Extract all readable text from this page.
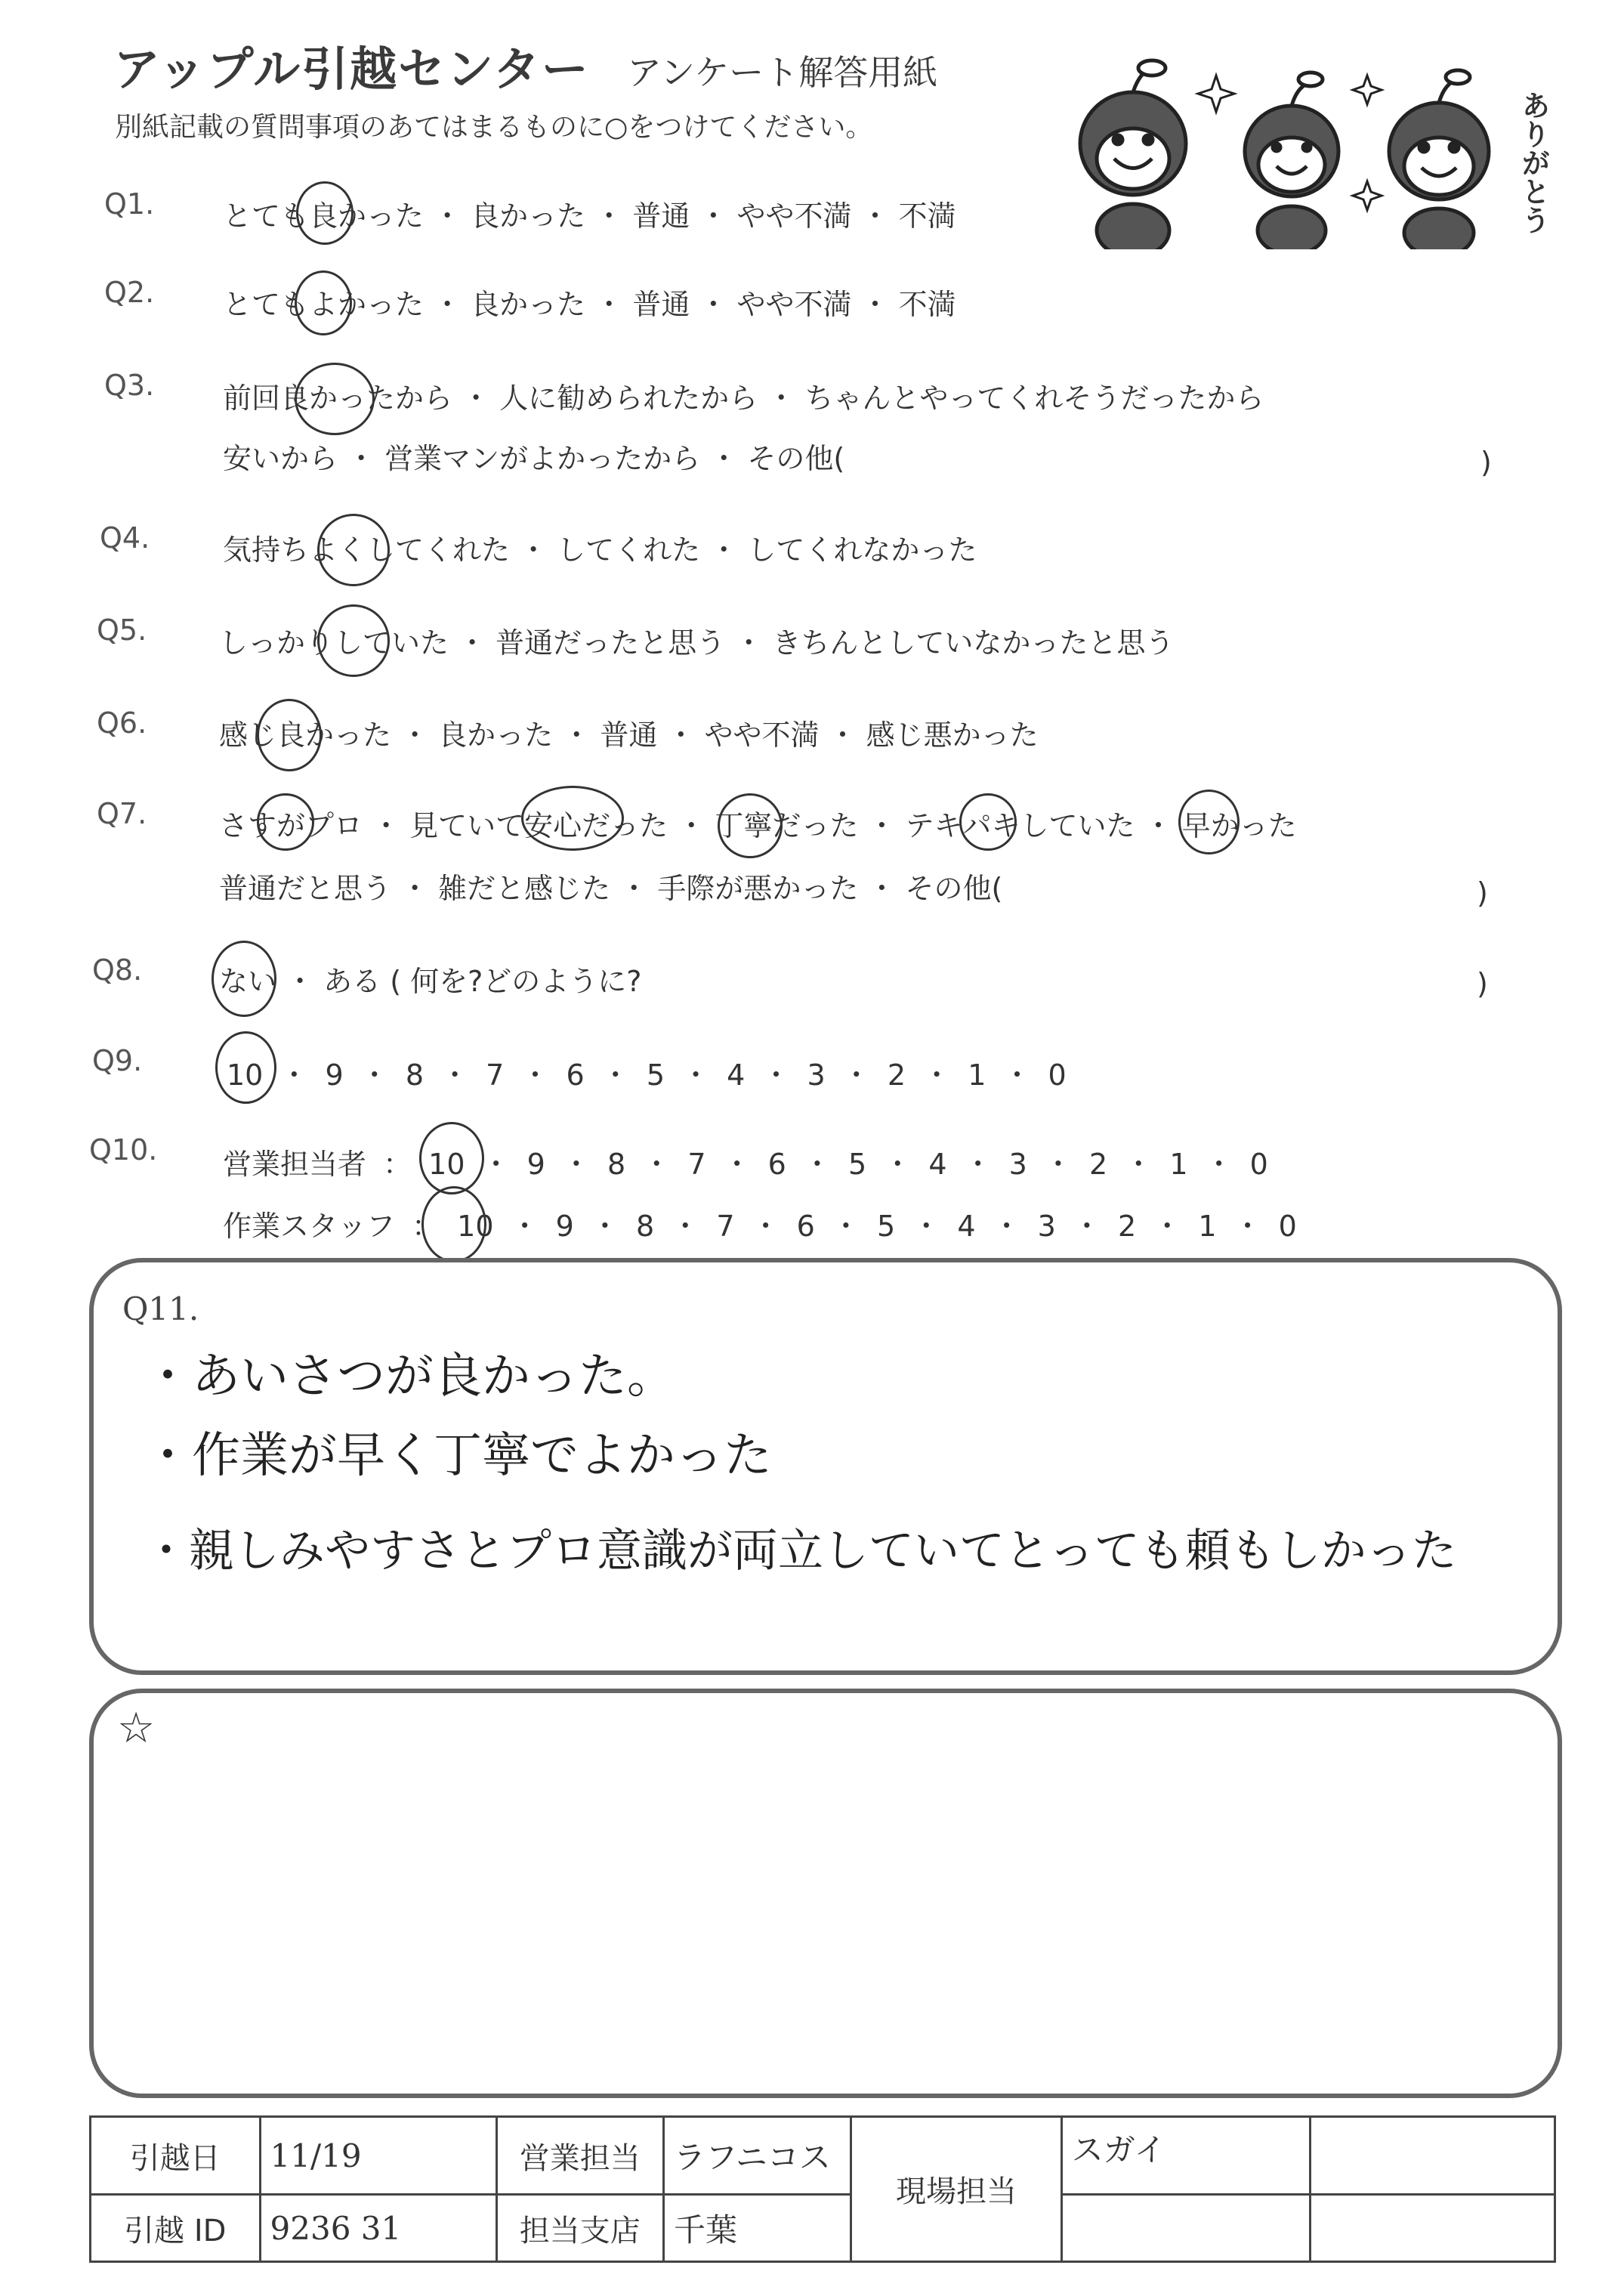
アップル引越センター アンケート解答用紙
別紙記載の質問事項のあてはまるものに○をつけてください。	ありがとう
Q1. とても良かった ・ 良かった ・ 普通 ・ やや不満 ・ 不満
Q2. とてもよかった ・ 良かった ・ 普通 ・ やや不満 ・ 不満
Q3. 前回良かったから ・ 人に勧められたから ・ ちゃんとやってくれそうだったから
安いから ・ 営業マンがよかったから ・ その他(	)
Q4.	気持ちよくしてくれた ・ してくれた ・ してくれなかった
Q5.	しっかりしていた ・ 普通だったと思う ・ きちんとしていなかったと思う
Q6.	感じ良かった ・ 良かった ・ 普通 ・ やや不満 ・ 感じ悪かった
Q7.	さすがプロ ・ 見ていて安心だった ・ 丁寧だった ・ テキパキしていた ・ 早かった
普通だと思う ・ 雑だと感じた ・ 手際が悪かった ・ その他(	)
Q8.	ない ・ ある ( 何を?どのように?	)
Q9.	10 ・ 9 ・ 8 ・ 7 ・ 6 ・ 5 ・ 4 ・ 3 ・ 2 ・ 1 ・ 0
Q10. 営業担当者 ： 10 ・ 9 ・ 8 ・ 7 ・ 6 ・ 5 ・ 4 ・ 3 ・ 2 ・ 1 ・ 0
作業スタッフ ： 10 ・ 9 ・ 8 ・ 7 ・ 6 ・ 5 ・ 4 ・ 3 ・ 2 ・ 1 ・ 0
Q11.
・あいさつが良かった。
・作業が早く丁寧でよかった
・親しみやすさとプロ意識が両立していてとっても頼もしかった
☆
引越日	11/19	営業担当	ラフニコス	現場担当	スガイ	
引越 ID	9236 31	担当支店	千葉			
